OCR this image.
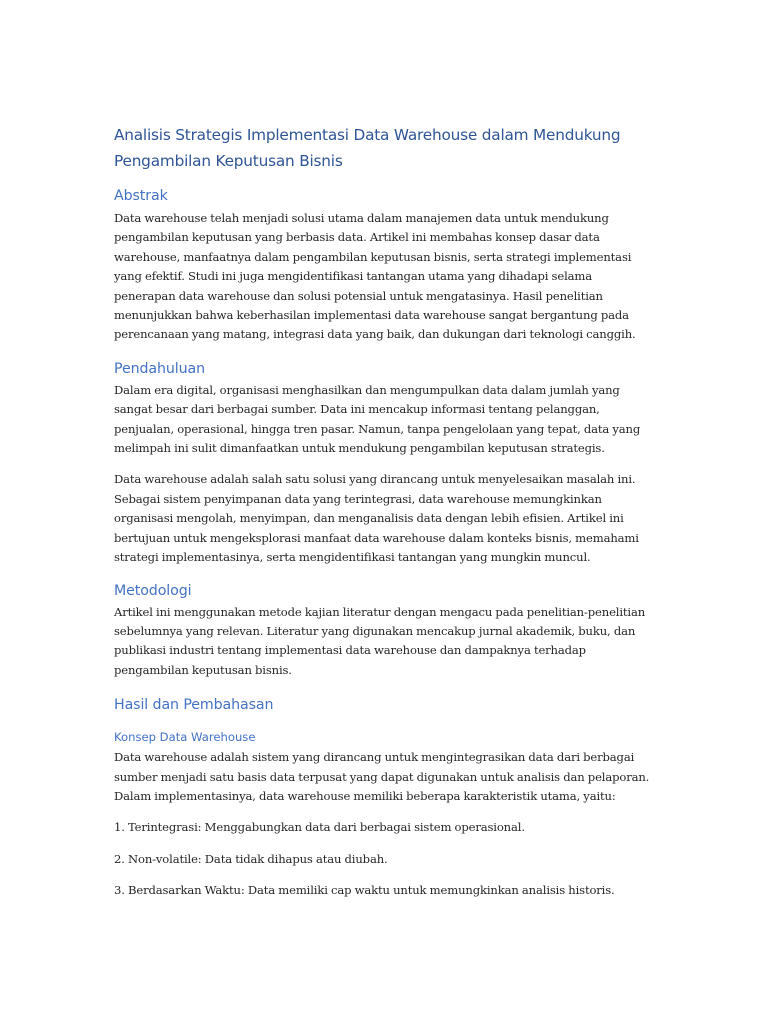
Analisis Strategis Implementasi Data Warehouse dalam Mendukung Pengambilan Keputusan Bisnis
Abstrak

Data warehouse telah menjadi solusi utama dalam manajemen data untuk mendukung pengambilan keputusan yang berbasis data. Artikel ini membahas konsep dasar data warehouse, manfaatnya dalam pengambilan keputusan bisnis, serta strategi implementasi yang efektif. Studi ini juga mengidentifikasi tantangan utama yang dihadapi selama penerapan data warehouse dan solusi potensial untuk mengatasinya. Hasil penelitian menunjukkan bahwa keberhasilan implementasi data warehouse sangat bergantung pada perencanaan yang matang, integrasi data yang baik, dan dukungan dari teknologi canggih.

Pendahuluan

Dalam era digital, organisasi menghasilkan dan mengumpulkan data dalam jumlah yang sangat besar dari berbagai sumber. Data ini mencakup informasi tentang pelanggan, penjualan, operasional, hingga tren pasar. Namun, tanpa pengelolaan yang tepat, data yang melimpah ini sulit dimanfaatkan untuk mendukung pengambilan keputusan strategis.

Data warehouse adalah salah satu solusi yang dirancang untuk menyelesaikan masalah ini. Sebagai sistem penyimpanan data yang terintegrasi, data warehouse memungkinkan organisasi mengolah, menyimpan, dan menganalisis data dengan lebih efisien. Artikel ini bertujuan untuk mengeksplorasi manfaat data warehouse dalam konteks bisnis, memahami strategi implementasinya, serta mengidentifikasi tantangan yang mungkin muncul.

Metodologi

Artikel ini menggunakan metode kajian literatur dengan mengacu pada penelitian-penelitian sebelumnya yang relevan. Literatur yang digunakan mencakup jurnal akademik, buku, dan publikasi industri tentang implementasi data warehouse dan dampaknya terhadap pengambilan keputusan bisnis.

Hasil dan Pembahasan
Konsep Data Warehouse

Data warehouse adalah sistem yang dirancang untuk mengintegrasikan data dari berbagai sumber menjadi satu basis data terpusat yang dapat digunakan untuk analisis dan pelaporan. Dalam implementasinya, data warehouse memiliki beberapa karakteristik utama, yaitu:

1. Terintegrasi: Menggabungkan data dari berbagai sistem operasional.

2. Non-volatile: Data tidak dihapus atau diubah.

3. Berdasarkan Waktu: Data memiliki cap waktu untuk memungkinkan analisis historis.
